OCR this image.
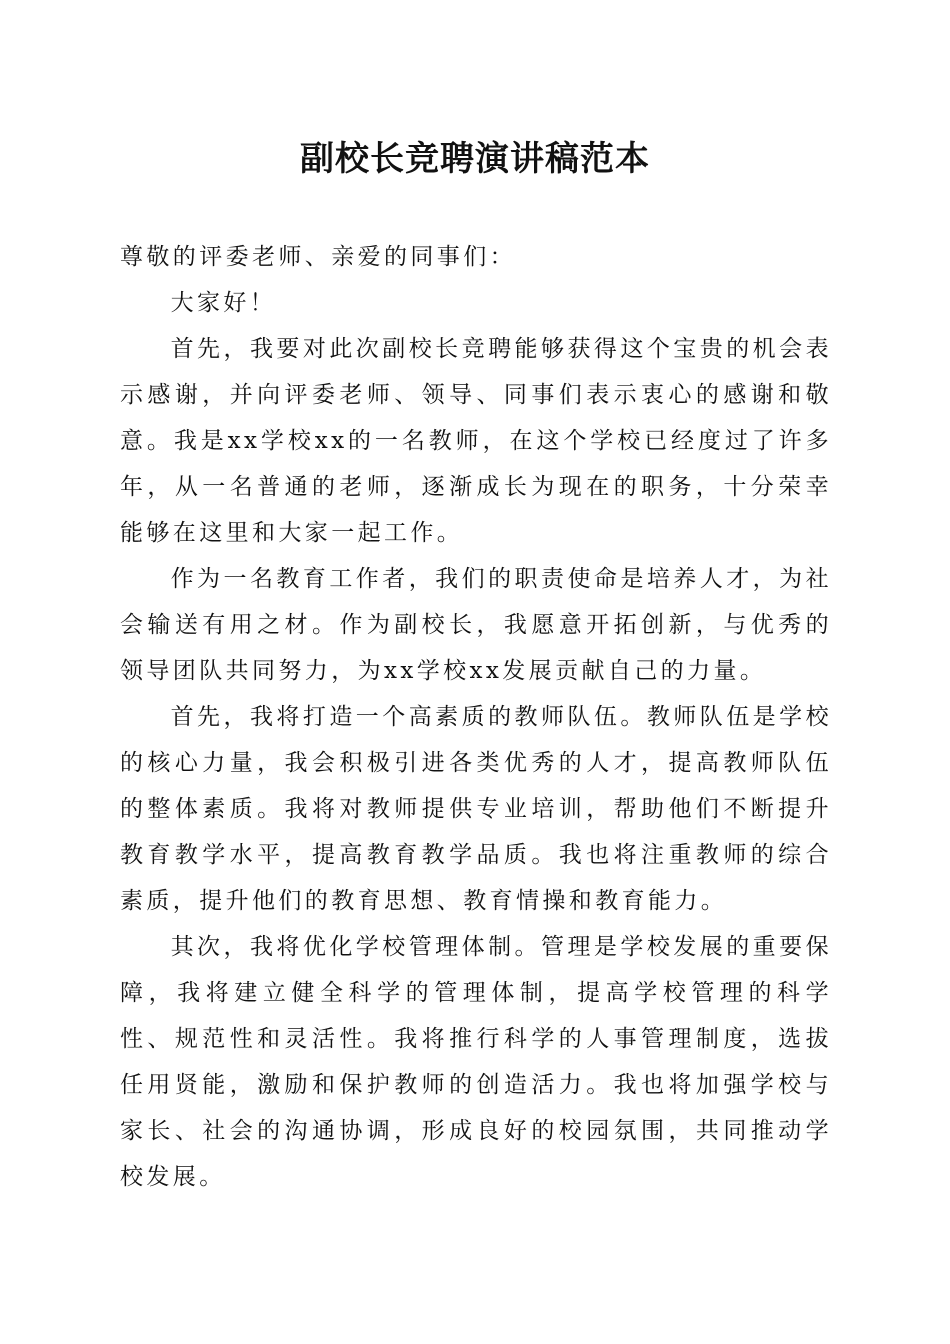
副校长竞聘演讲稿范本

尊敬的评委老师、亲爱的同事们：

大家好！

首先，我要对此次副校长竞聘能够获得这个宝贵的机会表示感谢，并向评委老师、领导、同事们表示衷心的感谢和敬意。我是xx学校xx的一名教师，在这个学校已经度过了许多年，从一名普通的老师，逐渐成长为现在的职务，十分荣幸能够在这里和大家一起工作。

作为一名教育工作者，我们的职责使命是培养人才，为社会输送有用之材。作为副校长，我愿意开拓创新，与优秀的领导团队共同努力，为xx学校xx发展贡献自己的力量。

首先，我将打造一个高素质的教师队伍。教师队伍是学校的核心力量，我会积极引进各类优秀的人才，提高教师队伍的整体素质。我将对教师提供专业培训，帮助他们不断提升教育教学水平，提高教育教学品质。我也将注重教师的综合素质，提升他们的教育思想、教育情操和教育能力。

其次，我将优化学校管理体制。管理是学校发展的重要保障，我将建立健全科学的管理体制，提高学校管理的科学性、规范性和灵活性。我将推行科学的人事管理制度，选拔任用贤能，激励和保护教师的创造活力。我也将加强学校与家长、社会的沟通协调，形成良好的校园氛围，共同推动学校发展。
